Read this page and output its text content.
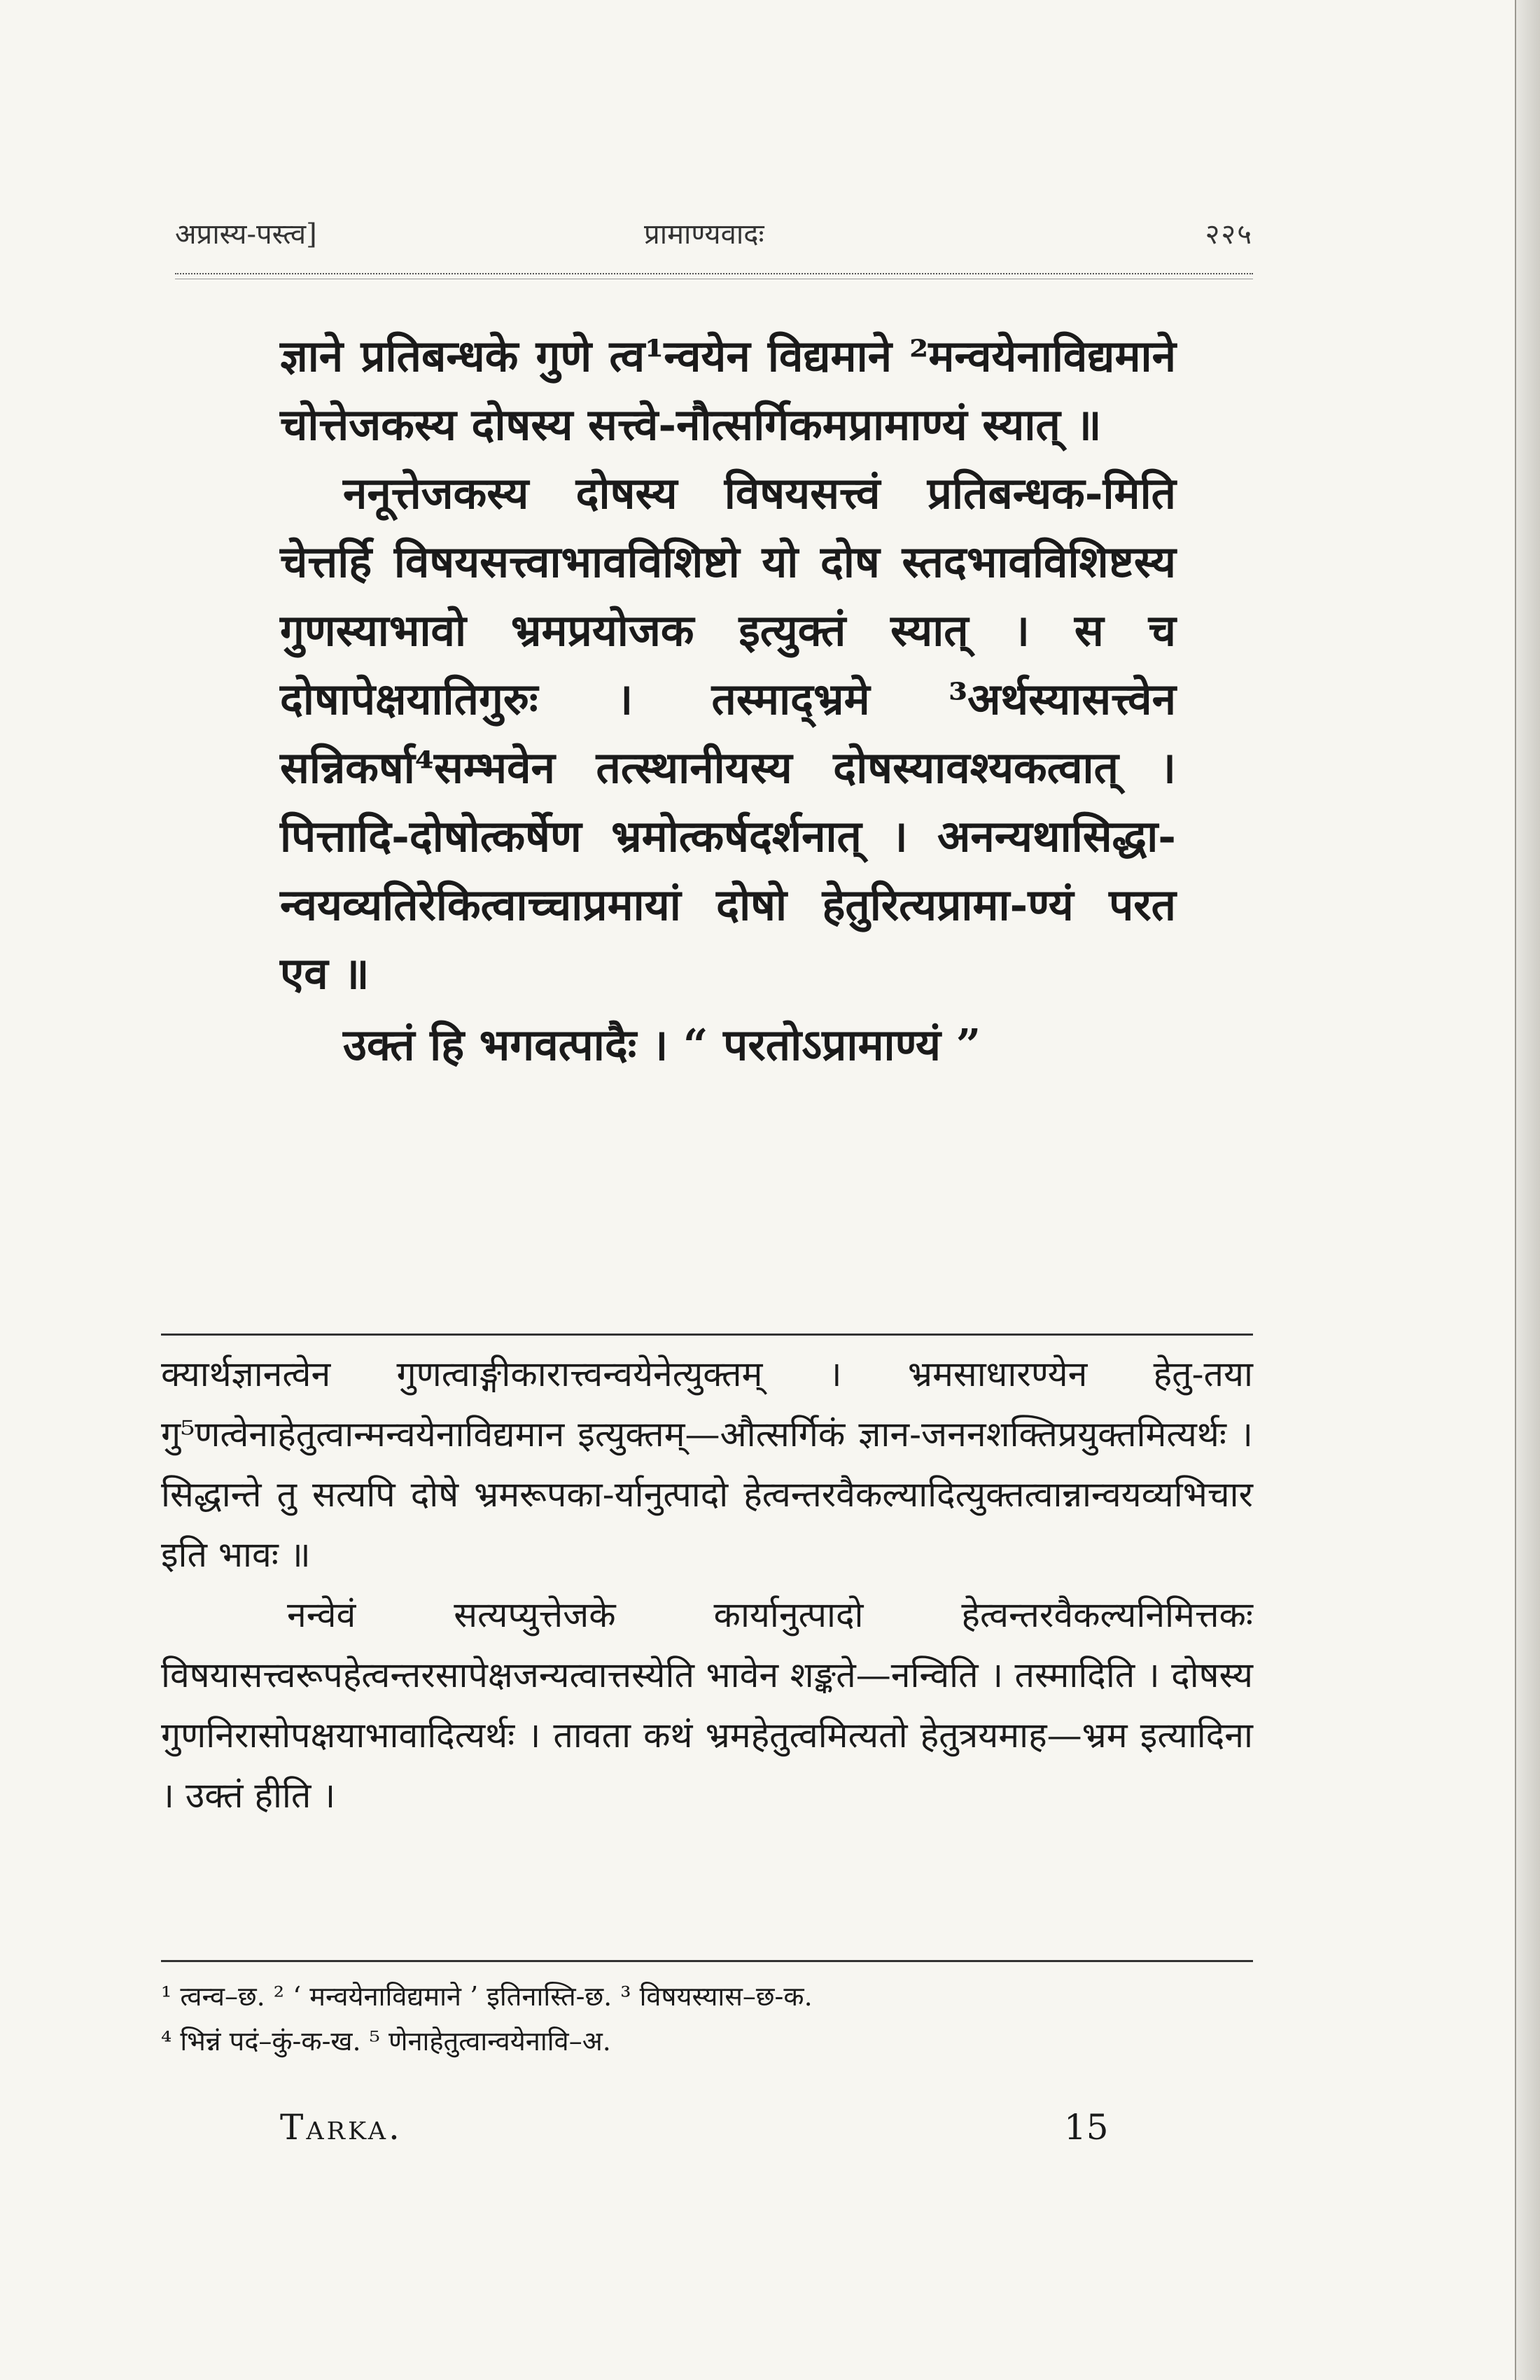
अप्रास्य-पस्त्व]	प्रामाण्यवादः	२२५

ज्ञाने प्रतिबन्धके गुणे त्व¹न्वयेन विद्यमाने ²मन्वयेनाविद्यमाने चोत्तेजकस्य दोषस्य सत्त्वे-नौत्सर्गिकमप्रामाण्यं स्यात् ॥

ननूत्तेजकस्य दोषस्य विषयसत्त्वं प्रतिबन्धक-मिति चेत्तर्हि विषयसत्त्वाभावविशिष्टो यो दोष स्तदभावविशिष्टस्य गुणस्याभावो भ्रमप्रयोजक इत्युक्तं स्यात् । स च दोषापेक्षयातिगुरुः । तस्माद्भ्रमे ³अर्थस्यासत्त्वेन सन्निकर्षा⁴सम्भवेन तत्स्थानीयस्य दोषस्यावश्यकत्वात् । पित्तादि-दोषोत्कर्षेण भ्रमोत्कर्षदर्शनात् । अनन्यथासिद्धा-न्वयव्यतिरेकित्वाच्चाप्रमायां दोषो हेतुरित्यप्रामा-ण्यं परत एव ॥

उक्तं हि भगवत्पादैः । “ परतोऽप्रामाण्यं ”

क्यार्थज्ञानत्वेन गुणत्वाङ्गीकारात्त्वन्वयेनेत्युक्तम् । भ्रमसाधारण्येन हेतु-तया गु⁵णत्वेनाहेतुत्वान्मन्वयेनाविद्यमान इत्युक्तम्—औत्सर्गिकं ज्ञान-जननशक्तिप्रयुक्तमित्यर्थः । सिद्धान्ते तु सत्यपि दोषे भ्रमरूपका-र्यानुत्पादो हेत्वन्तरवैकल्यादित्युक्तत्वान्नान्वयव्यभिचार इति भावः ॥

नन्वेवं सत्यप्युत्तेजके कार्यानुत्पादो हेत्वन्तरवैकल्यनिमित्तकः विषयासत्त्वरूपहेत्वन्तरसापेक्षजन्यत्वात्तस्येति भावेन शङ्कते—नन्विति । तस्मादिति । दोषस्य गुणनिरासोपक्षयाभावादित्यर्थः । तावता कथं भ्रमहेतुत्वमित्यतो हेतुत्रयमाह—भ्रम इत्यादिना । उक्तं हीति ।

¹ त्वन्व–छ. ² ‘ मन्वयेनाविद्यमाने ’ इतिनास्ति-छ. ³ विषयस्यास–छ-क.

⁴ भिन्नं पदं–कुं-क-ख. ⁵ णेनाहेतुत्वान्वयेनावि–अ.

Tarka.	15
